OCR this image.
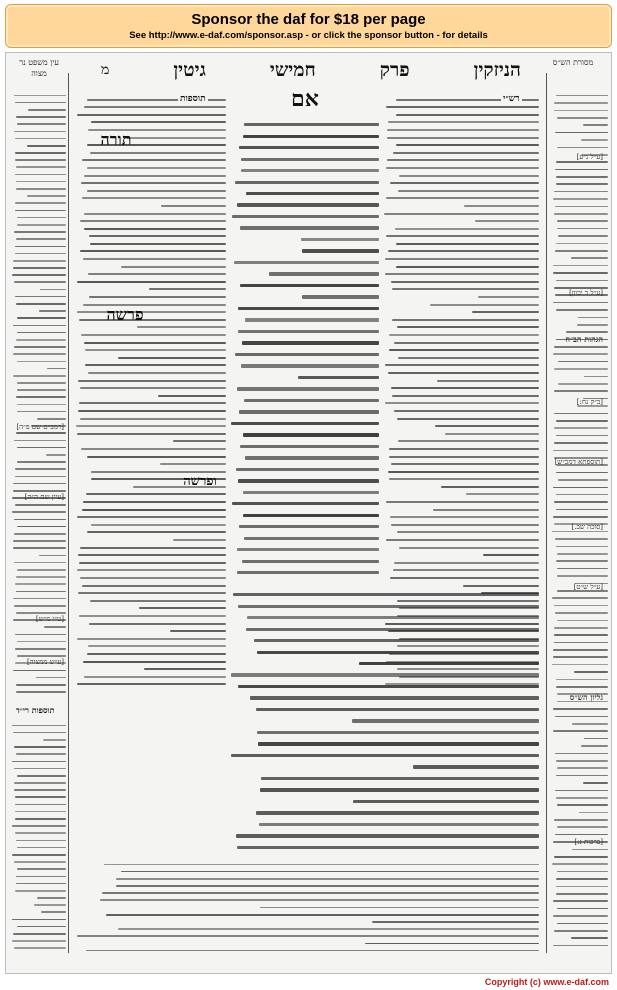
Sponsor the daf for $18 per page
See http://www.e-daf.com/sponsor.asp - or click the sponsor button - for details
עין משפט נר מצוה	הניזקין
פרק
חמישי
גיטין
מ	מסורת הש״ס
תוספות רי״ד
תוספות	רש״י
אם
תורה
פרשה
ופרשה
[ע״ל נ״ע]
[ע״ל ר יכוון]
[ב״ק נח:]
[תוספתא דמכ״ש]
[סוכה שב.]
[ע״ל ש״ט]
הגהות הב״ח
גליון הש״ס
[ברכות נ:]
[רמב״ם שם פ״ה]
[עיין שם ה״ה]
[ט״ו מ״ש]
[ע״ש ממצוה]
Copyright (c) www.e-daf.com
